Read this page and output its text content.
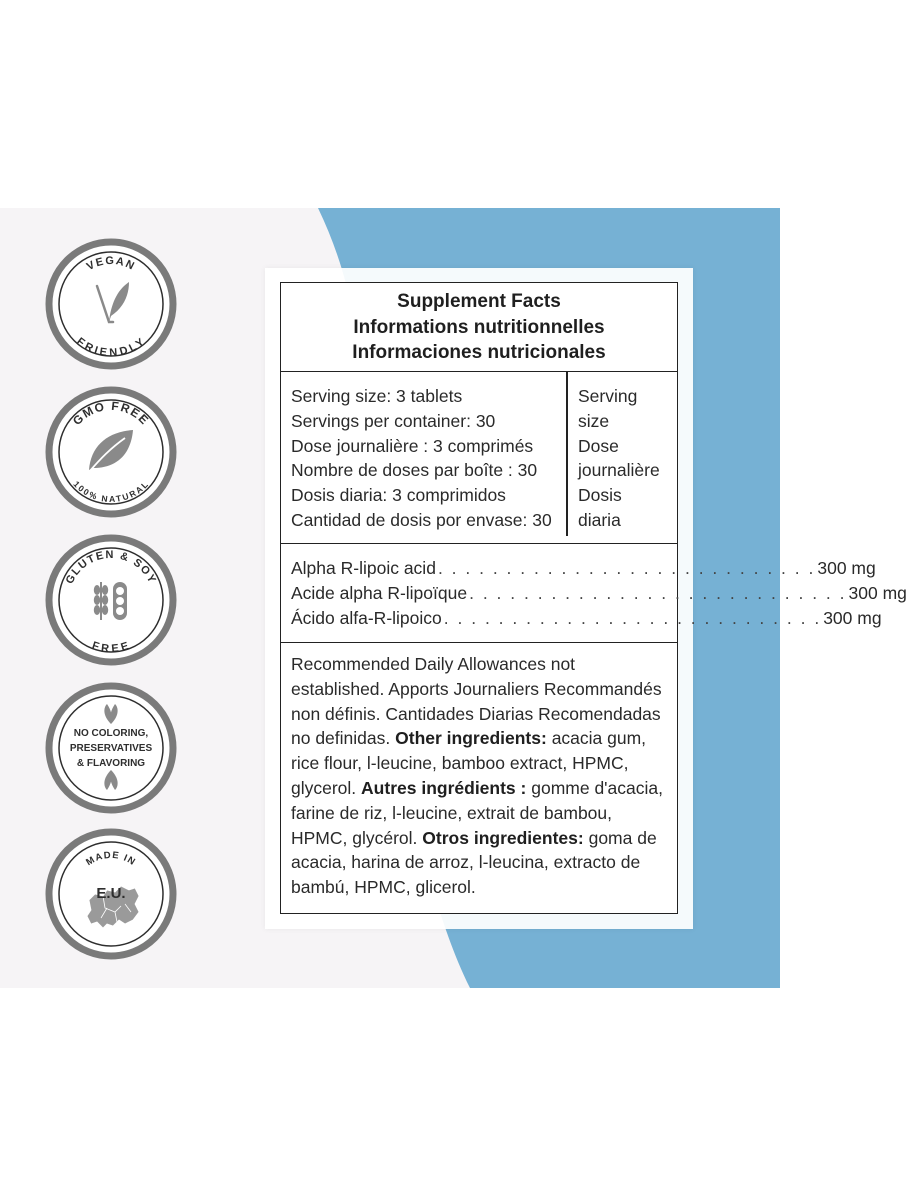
VEGAN
FRIENDLY
GMO FREE
100% NATURAL
GLUTEN & SOY
FREE
NO COLORING,
PRESERVATIVES
& FLAVORING
MADE IN
E.U.
Supplement Facts
Informations nutritionnelles
Informaciones nutricionales
Serving size: 3 tablets
Servings per container: 30
Dose journalière : 3 comprimés
Nombre de doses par boîte : 30
Dosis diaria: 3 comprimidos
Cantidad de dosis por envase: 30
Serving
size
Dose
journalière
Dosis
diaria
Alpha R-lipoic acid . . . . . . . . . . . . . . . . . . . . . . . . . . . . 300 mg
Acide alpha R-lipoïque . . . . . . . . . . . . . . . . . . . . . . . . . . . . 300 mg
Ácido alfa-R-lipoico . . . . . . . . . . . . . . . . . . . . . . . . . . . . 300 mg
Recommended Daily Allowances not established. Apports Journaliers Recommandés non définis. Cantidades Diarias Recomendadas no definidas. Other ingredients: acacia gum, rice flour, l-leucine, bamboo extract, HPMC, glycerol. Autres ingrédients : gomme d'acacia, farine de riz, l-leucine, extrait de bambou, HPMC, glycérol. Otros ingredientes: goma de acacia, harina de arroz, l-leucina, extracto de bambú, HPMC, glicerol.
